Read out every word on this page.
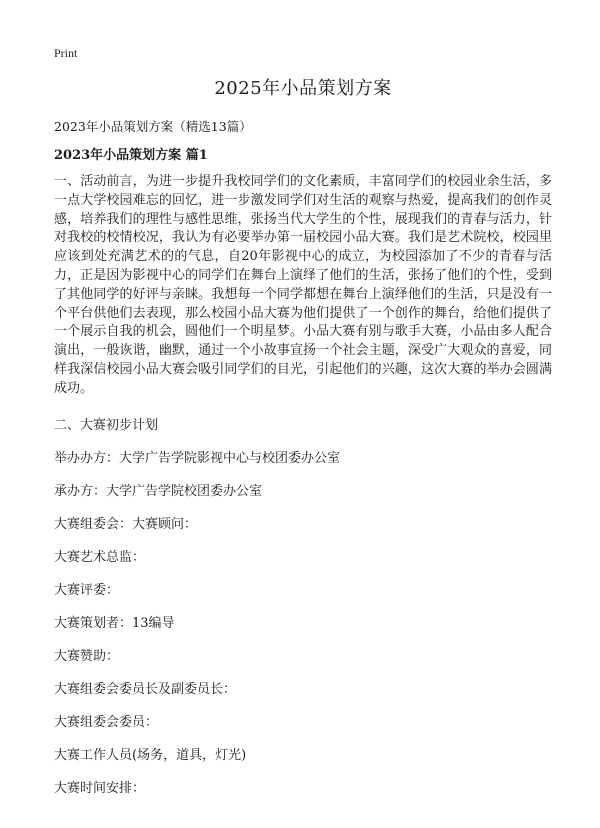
Print
2025年小品策划方案

2023年小品策划方案（精选13篇）

2023年小品策划方案 篇1

一、活动前言，为进一步提升我校同学们的文化素质，丰富同学们的校园业余生活，多一点大学校园难忘的回忆，进一步激发同学们对生活的观察与热爱，提高我们的创作灵感，培养我们的理性与感性思维，张扬当代大学生的个性，展现我们的青春与活力，针对我校的校情校况，我认为有必要举办第一届校园小品大赛。我们是艺术院校，校园里应该到处充满艺术的的气息，自20年影视中心的成立，为校园添加了不少的青春与活力，正是因为影视中心的同学们在舞台上演绎了他们的生活，张扬了他们的个性，受到了其他同学的好评与亲睐。我想每一个同学都想在舞台上演绎他们的生活，只是没有一个平台供他们去表现，那么校园小品大赛为他们提供了一个创作的舞台，给他们提供了一个展示自我的机会，圆他们一个明星梦。小品大赛有别与歌手大赛，小品由多人配合演出，一般诙谐，幽默，通过一个小故事宣扬一个社会主题，深受广大观众的喜爱，同样我深信校园小品大赛会吸引同学们的目光，引起他们的兴趣，这次大赛的举办会圆满成功。

二、大赛初步计划

举办办方：大学广告学院影视中心与校团委办公室

承办方：大学广告学院校团委办公室

大赛组委会：大赛顾问：

大赛艺术总监：

大赛评委：

大赛策划者：13编导

大赛赞助：

大赛组委会委员长及副委员长：

大赛组委会委员：

大赛工作人员(场务，道具，灯光)

大赛时间安排：
